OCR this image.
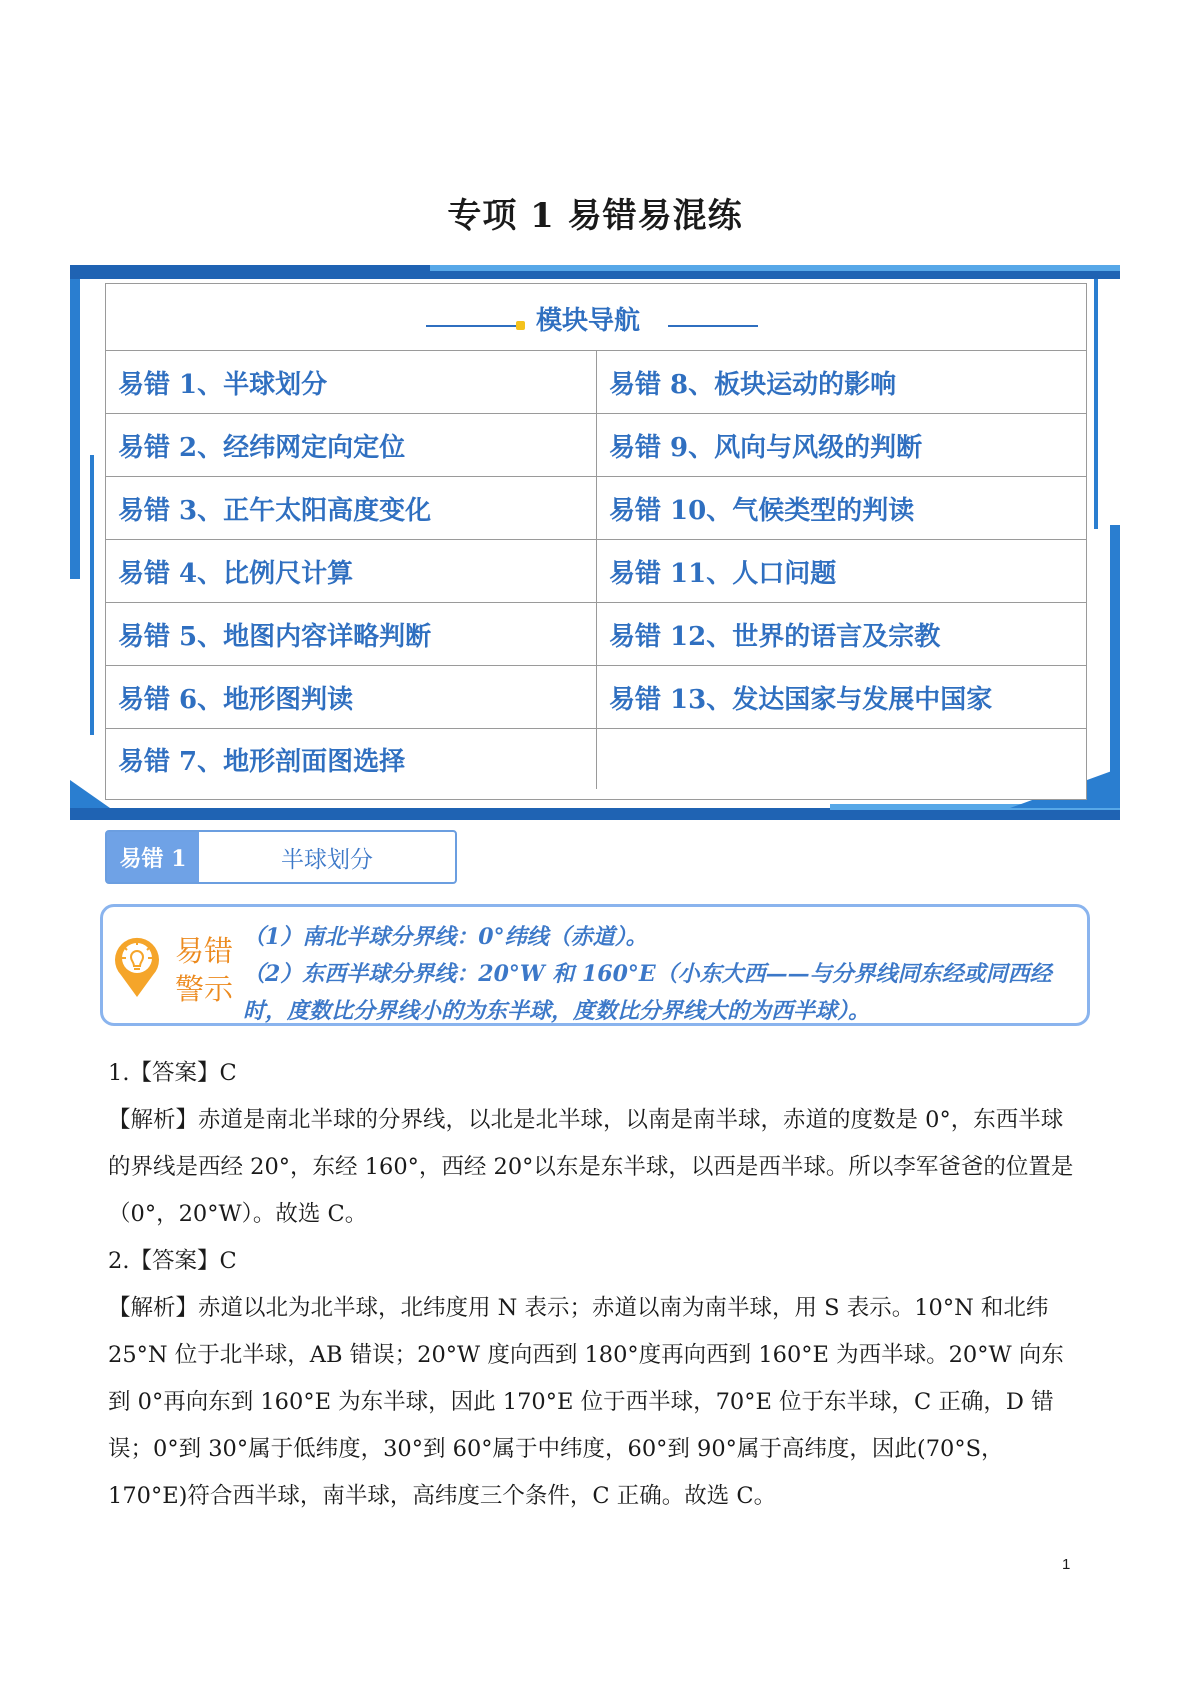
专项 1 易错易混练
模块导航
易错 1、半球划分	易错 8、板块运动的影响
易错 2、经纬网定向定位	易错 9、风向与风级的判断
易错 3、正午太阳高度变化	易错 10、气候类型的判读
易错 4、比例尺计算	易错 11、人口问题
易错 5、地图内容详略判断	易错 12、世界的语言及宗教
易错 6、地形图判读	易错 13、发达国家与发展中国家
易错 7、地形剖面图选择
易错 1	半球划分
易错
警示
（1）南北半球分界线：0°纬线（赤道）。
（2）东西半球分界线：20°W 和 160°E（小东大西——与分界线同东经或同西经时，度数比分界线小的为东半球，度数比分界线大的为西半球）。

1.【答案】C

【解析】赤道是南北半球的分界线，以北是北半球，以南是南半球，赤道的度数是 0°，东西半球的界线是西经 20°，东经 160°，西经 20°以东是东半球，以西是西半球。所以李军爸爸的位置是（0°，20°W）。故选 C。

2.【答案】C

【解析】赤道以北为北半球，北纬度用 N 表示；赤道以南为南半球，用 S 表示。10°N 和北纬 25°N 位于北半球，AB 错误；20°W 度向西到 180°度再向西到 160°E 为西半球。20°W 向东到 0°再向东到 160°E 为东半球，因此 170°E 位于西半球，70°E 位于东半球，C 正确，D 错误；0°到 30°属于低纬度，30°到 60°属于中纬度，60°到 90°属于高纬度，因此(70°S，170°E)符合西半球，南半球，高纬度三个条件，C 正确。故选 C。

1
